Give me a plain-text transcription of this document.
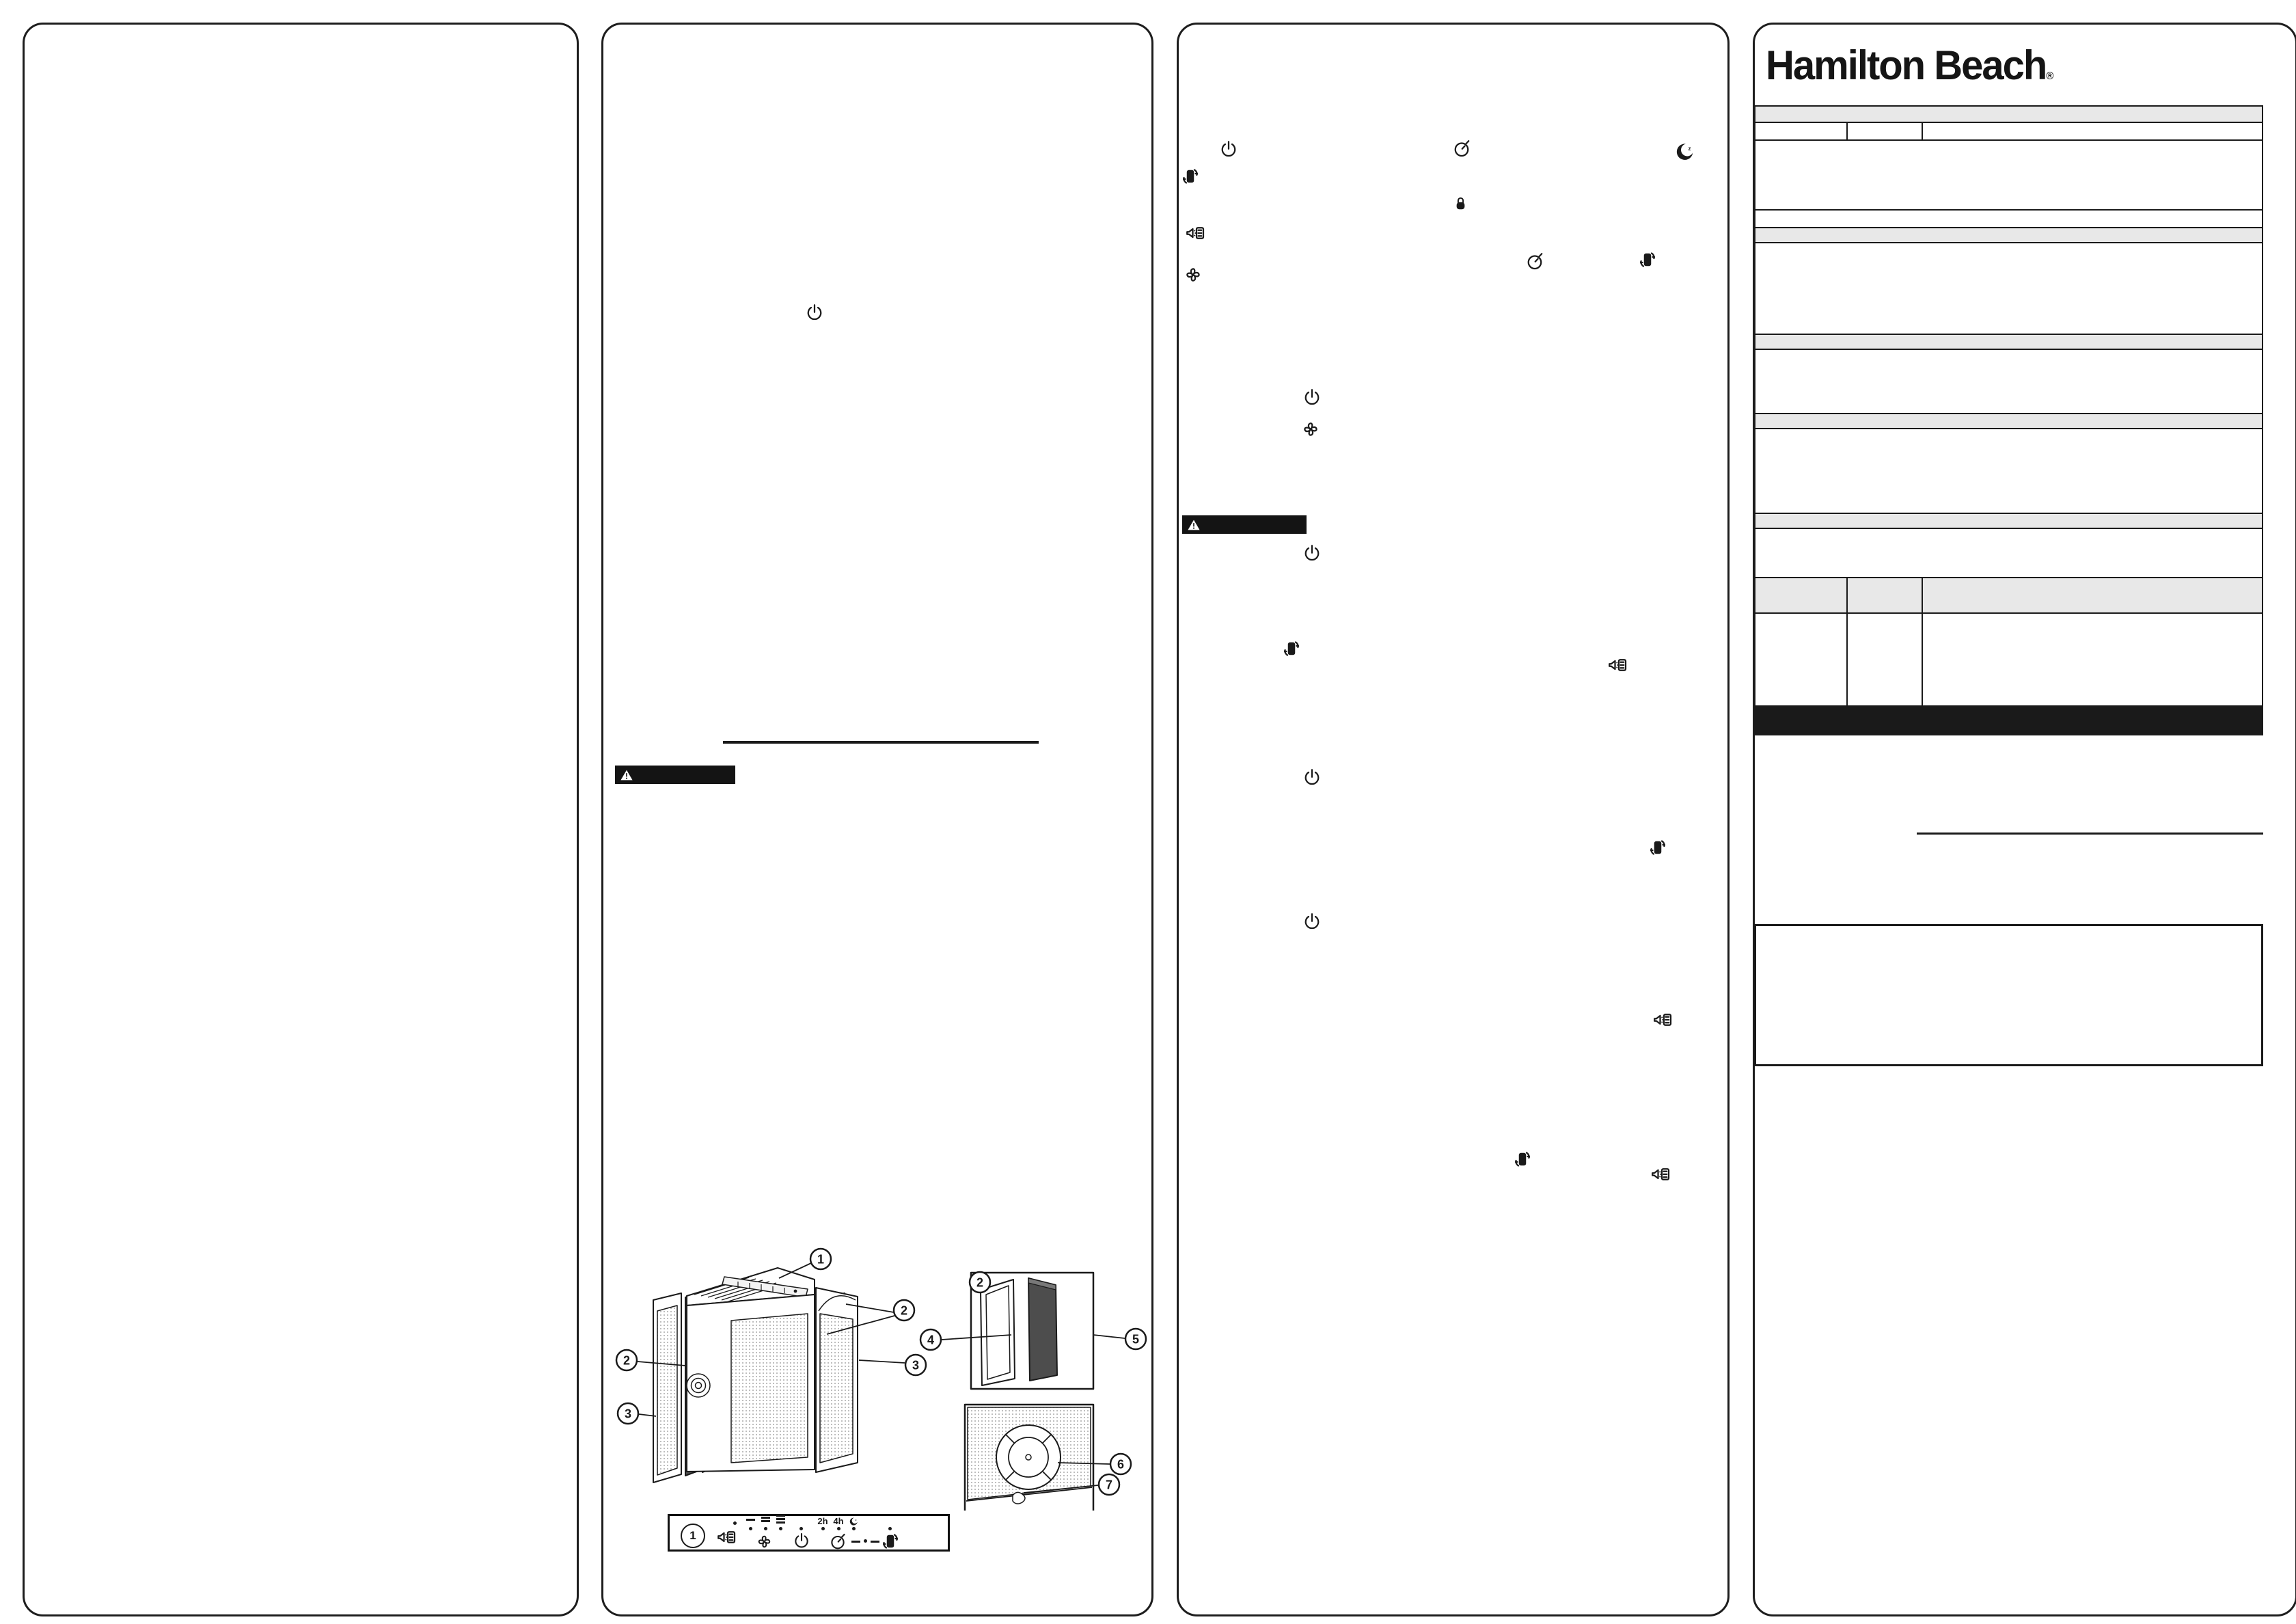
1
2
3
4
2
3
2
5
6
7
1
2h 4h	z
z
Hamilton Beach®
